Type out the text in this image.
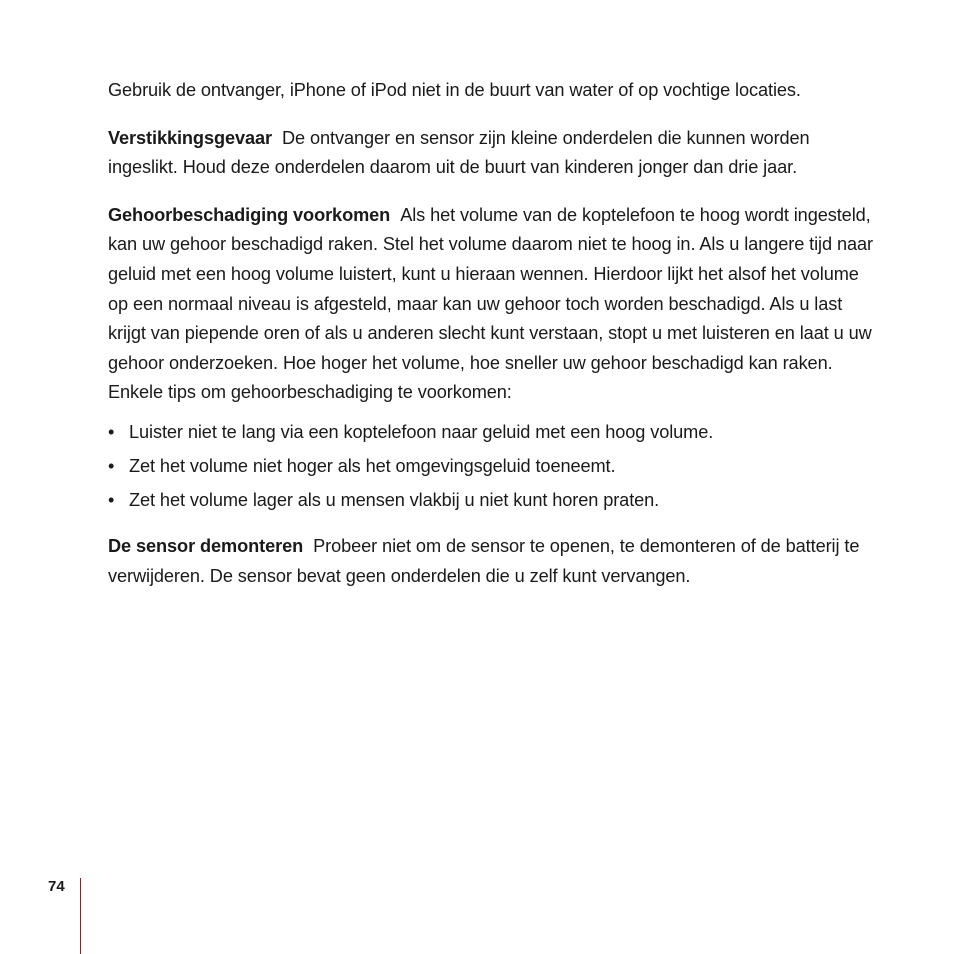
Gebruik de ontvanger, iPhone of iPod niet in de buurt van water of op vochtige locaties.

Verstikkingsgevaar De ontvanger en sensor zijn kleine onderdelen die kunnen worden ingeslikt. Houd deze onderdelen daarom uit de buurt van kinderen jonger dan drie jaar.

Gehoorbeschadiging voorkomen Als het volume van de koptelefoon te hoog wordt ingesteld, kan uw gehoor beschadigd raken. Stel het volume daarom niet te hoog in. Als u langere tijd naar geluid met een hoog volume luistert, kunt u hieraan wennen. Hierdoor lijkt het alsof het volume op een normaal niveau is afgesteld, maar kan uw gehoor toch worden beschadigd. Als u last krijgt van piepende oren of als u anderen slecht kunt verstaan, stopt u met luisteren en laat u uw gehoor onderzoeken. Hoe hoger het volume, hoe sneller uw gehoor beschadigd kan raken. Enkele tips om gehoorbeschadiging te voorkomen:

• Luister niet te lang via een koptelefoon naar geluid met een hoog volume.
• Zet het volume niet hoger als het omgevingsgeluid toeneemt.
• Zet het volume lager als u mensen vlakbij u niet kunt horen praten.

De sensor demonteren Probeer niet om de sensor te openen, te demonteren of de batterij te verwijderen. De sensor bevat geen onderdelen die u zelf kunt vervangen.

74
